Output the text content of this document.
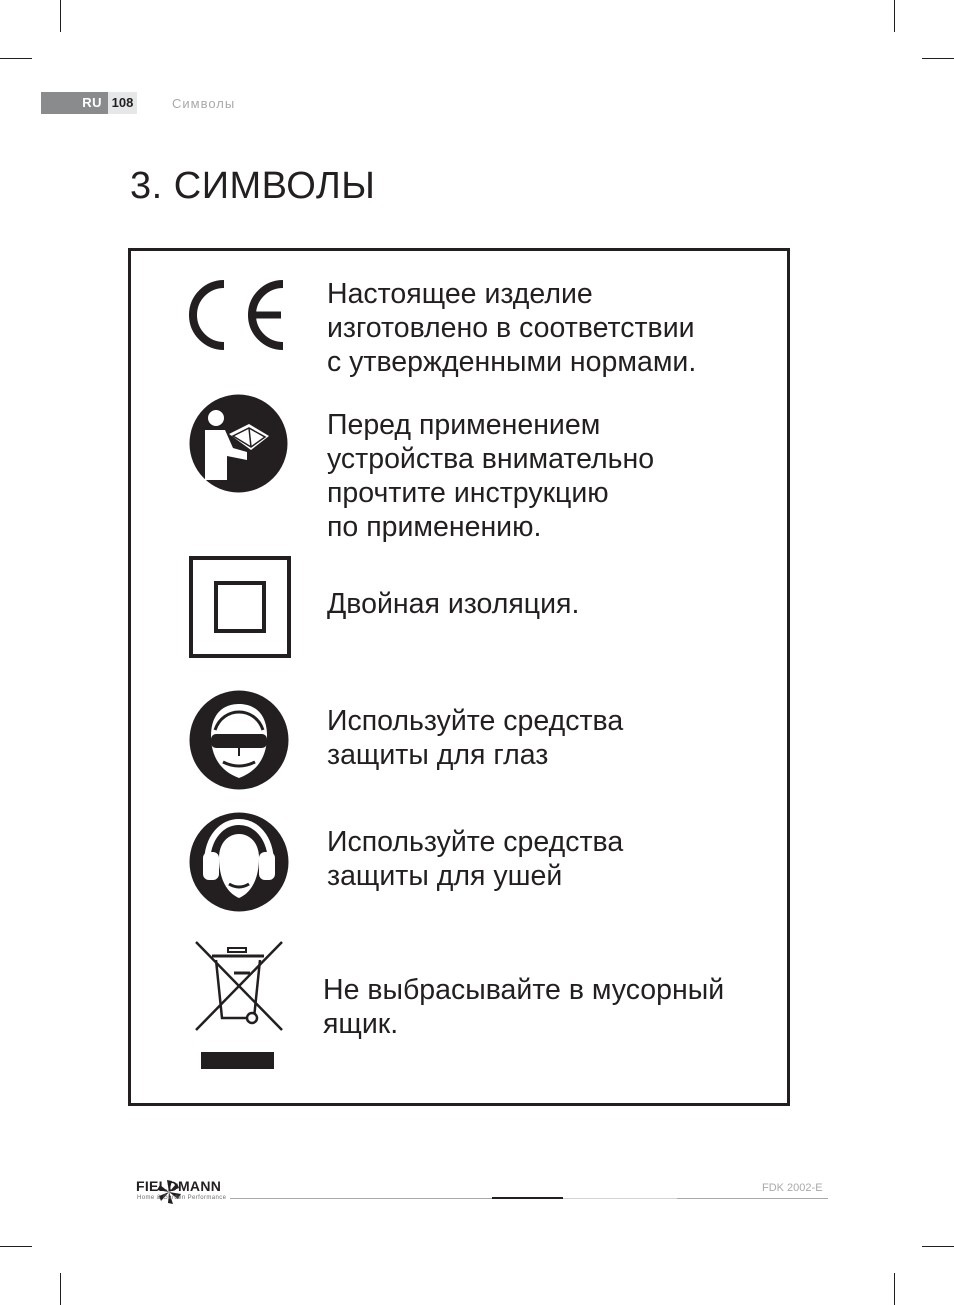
RU 108	Символы
3. СИМВОЛЫ
Настоящее изделие
изготовлено в соответствии
с утвержденными нормами.
Перед применением
устройства внимательно
прочтите инструкцию
по применению.
Двойная изоляция.
Используйте средства
защиты для глаз
Используйте средства
защиты для ушей
Не выбрасывайте в мусорный
ящик.
FIELDMANN
Home & Garden Performance
FDK 2002-E
